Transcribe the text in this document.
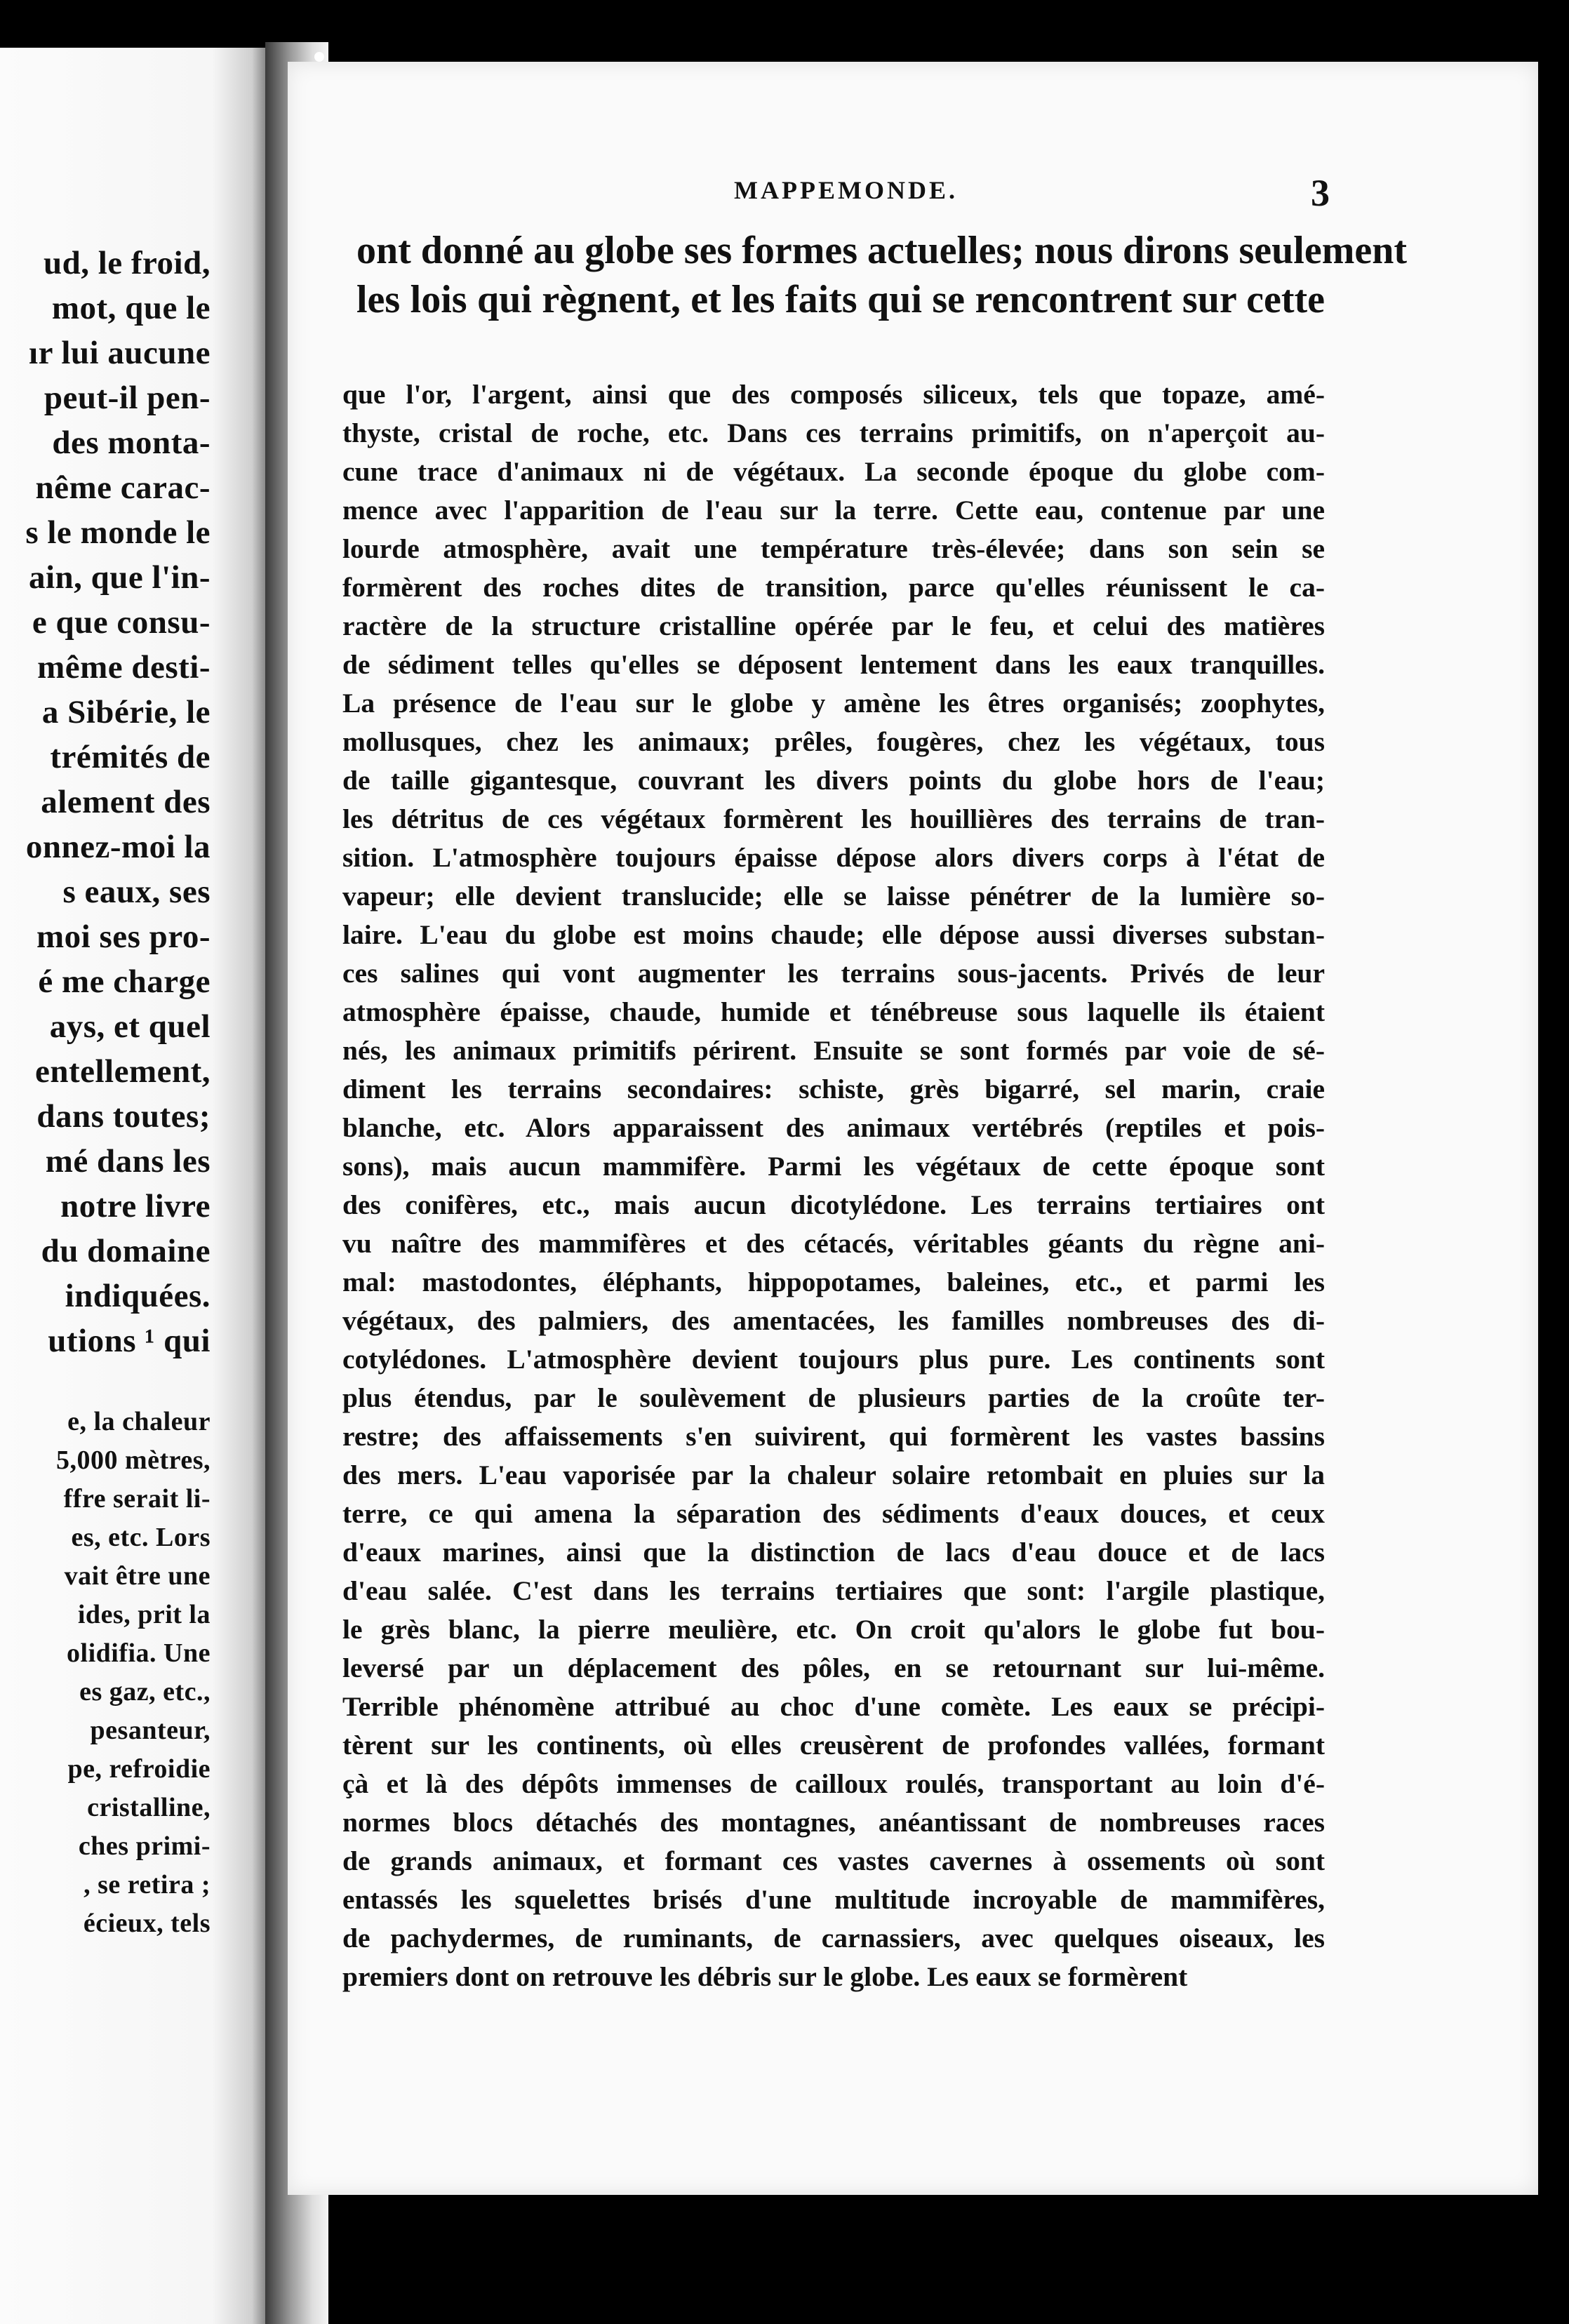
ud, le froid,
mot, que le
ır lui aucune
peut-il pen-
des monta-
nême carac-
s le monde le
ain, que l'in-
e que consu-
même desti-
a Sibérie, le
trémités de
alement des
onnez-moi la
s eaux, ses
moi ses pro-
é me charge
ays, et quel
entellement,
dans toutes;
mé dans les
notre livre
du domaine
indiquées.
utions ¹ qui
e, la chaleur
5,000 mètres,
ffre serait li-
es, etc. Lors
vait être une
ides, prit la
olidifia. Une
es gaz, etc.,
pesanteur,
pe, refroidie
cristalline,
ches primi-
, se retira ;
écieux, tels
MAPPEMONDE.	3
ont donné au globe ses formes actuelles; nous dirons seulement
les lois qui règnent, et les faits qui se rencontrent sur cette
que l'or, l'argent, ainsi que des composés siliceux, tels que topaze, amé-
thyste, cristal de roche, etc. Dans ces terrains primitifs, on n'aperçoit au-
cune trace d'animaux ni de végétaux. La seconde époque du globe com-
mence avec l'apparition de l'eau sur la terre. Cette eau, contenue par une
lourde atmosphère, avait une température très-élevée; dans son sein se
formèrent des roches dites de transition, parce qu'elles réunissent le ca-
ractère de la structure cristalline opérée par le feu, et celui des matières
de sédiment telles qu'elles se déposent lentement dans les eaux tranquilles.
La présence de l'eau sur le globe y amène les êtres organisés; zoophytes,
mollusques, chez les animaux; prêles, fougères, chez les végétaux, tous
de taille gigantesque, couvrant les divers points du globe hors de l'eau;
les détritus de ces végétaux formèrent les houillières des terrains de tran-
sition. L'atmosphère toujours épaisse dépose alors divers corps à l'état de
vapeur; elle devient translucide; elle se laisse pénétrer de la lumière so-
laire. L'eau du globe est moins chaude; elle dépose aussi diverses substan-
ces salines qui vont augmenter les terrains sous-jacents. Privés de leur
atmosphère épaisse, chaude, humide et ténébreuse sous laquelle ils étaient
nés, les animaux primitifs périrent. Ensuite se sont formés par voie de sé-
diment les terrains secondaires: schiste, grès bigarré, sel marin, craie
blanche, etc. Alors apparaissent des animaux vertébrés (reptiles et pois-
sons), mais aucun mammifère. Parmi les végétaux de cette époque sont
des conifères, etc., mais aucun dicotylédone. Les terrains tertiaires ont
vu naître des mammifères et des cétacés, véritables géants du règne ani-
mal: mastodontes, éléphants, hippopotames, baleines, etc., et parmi les
végétaux, des palmiers, des amentacées, les familles nombreuses des di-
cotylédones. L'atmosphère devient toujours plus pure. Les continents sont
plus étendus, par le soulèvement de plusieurs parties de la croûte ter-
restre; des affaissements s'en suivirent, qui formèrent les vastes bassins
des mers. L'eau vaporisée par la chaleur solaire retombait en pluies sur la
terre, ce qui amena la séparation des sédiments d'eaux douces, et ceux
d'eaux marines, ainsi que la distinction de lacs d'eau douce et de lacs
d'eau salée. C'est dans les terrains tertiaires que sont: l'argile plastique,
le grès blanc, la pierre meulière, etc. On croit qu'alors le globe fut bou-
leversé par un déplacement des pôles, en se retournant sur lui-même.
Terrible phénomène attribué au choc d'une comète. Les eaux se précipi-
tèrent sur les continents, où elles creusèrent de profondes vallées, formant
çà et là des dépôts immenses de cailloux roulés, transportant au loin d'é-
normes blocs détachés des montagnes, anéantissant de nombreuses races
de grands animaux, et formant ces vastes cavernes à ossements où sont
entassés les squelettes brisés d'une multitude incroyable de mammifères,
de pachydermes, de ruminants, de carnassiers, avec quelques oiseaux, les
premiers dont on retrouve les débris sur le globe. Les eaux se formèrent
